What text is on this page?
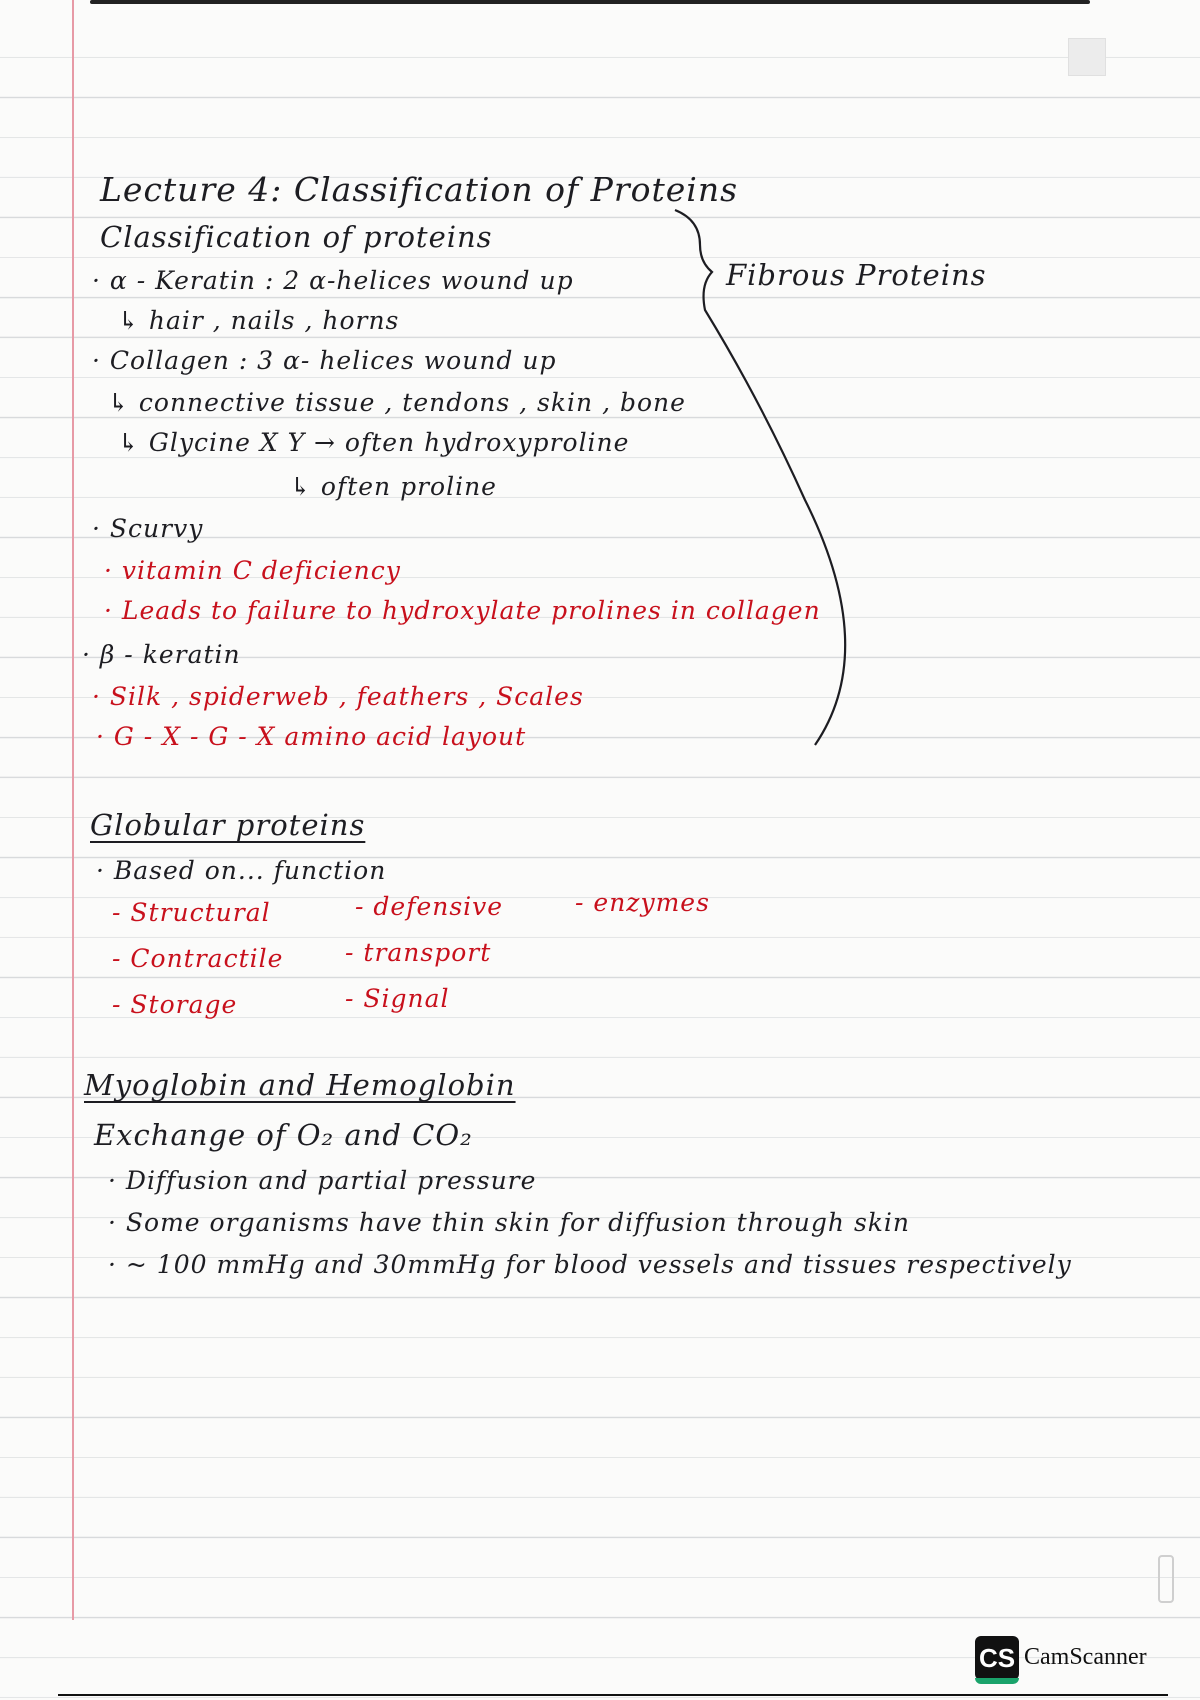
Lecture 4: Classification of Proteins
Classification of proteins
· α - Keratin : 2 α-helices wound up
↳ hair , nails , horns
· Collagen : 3 α- helices wound up
↳ connective tissue , tendons , skin , bone
↳ Glycine X Y → often hydroxyproline
↳ often proline
· Scurvy
· vitamin C deficiency
· Leads to failure to hydroxylate prolines in collagen
· β - keratin
· Silk , spiderweb , feathers , Scales
· G - X - G - X amino acid layout
Fibrous Proteins
Globular proteins
· Based on... function
- Structural	- defensive	- enzymes
- Contractile - transport
- Storage	- Signal
Myoglobin and Hemoglobin
Exchange of O₂ and CO₂
· Diffusion and partial pressure
· Some organisms have thin skin for diffusion through skin
· ~ 100 mmHg and 30mmHg for blood vessels and tissues respectively
CS CamScanner
